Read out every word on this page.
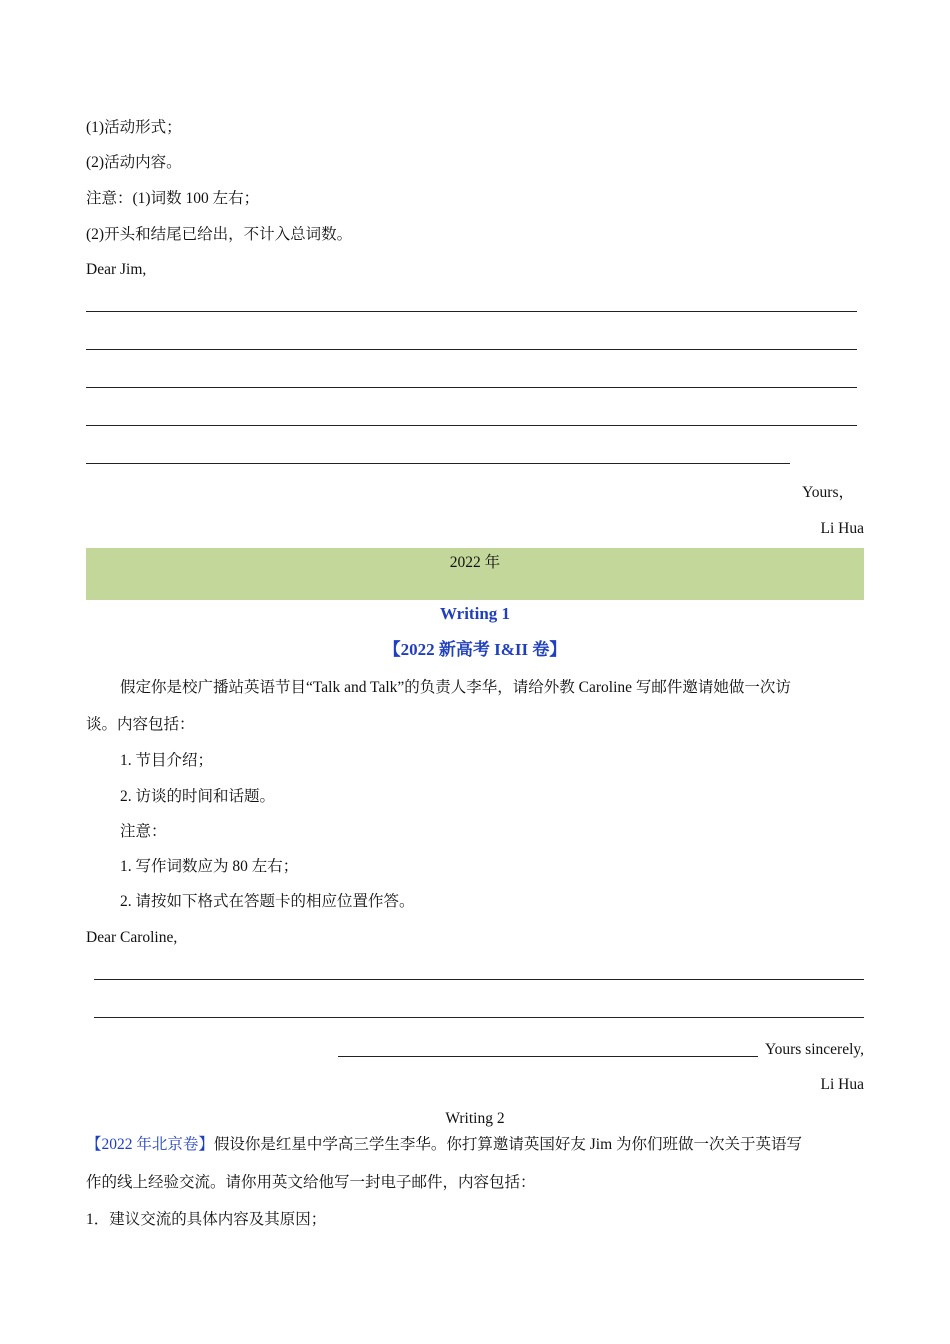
(1)活动形式；
(2)活动内容。
注意：(1)词数 100 左右；
(2)开头和结尾已给出，不计入总词数。
Dear Jim,
Yours，
Li Hua
2022 年
Writing 1
【2022 新高考 I&II 卷】
假定你是校广播站英语节目“Talk and Talk”的负责人李华，请给外教 Caroline 写邮件邀请她做一次访
谈。内容包括：
1. 节目介绍；
2. 访谈的时间和话题。
注意：
1. 写作词数应为 80 左右；
2. 请按如下格式在答题卡的相应位置作答。
Dear Caroline,
Yours sincerely,
Li Hua
Writing 2
【2022 年北京卷】假设你是红星中学高三学生李华。你打算邀请英国好友 Jim 为你们班做一次关于英语写
作的线上经验交流。请你用英文给他写一封电子邮件，内容包括：
1．建议交流的具体内容及其原因；
